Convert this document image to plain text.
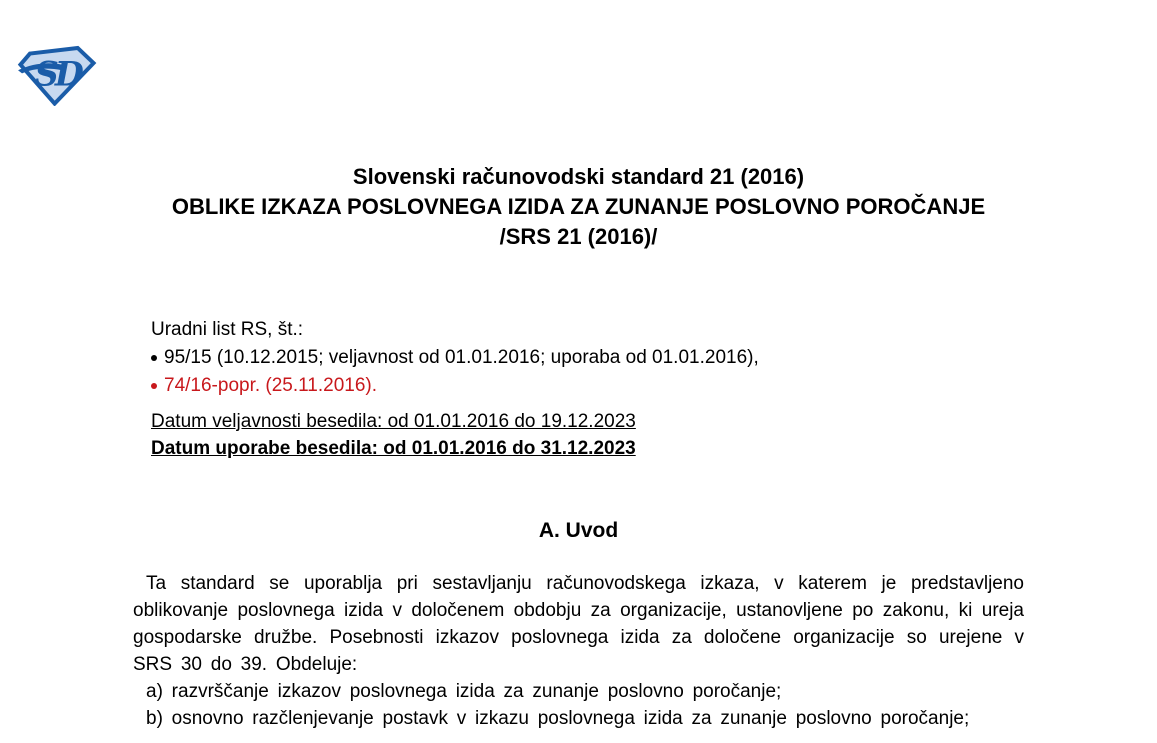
SD
Slovenski računovodski standard 21 (2016)
OBLIKE IZKAZA POSLOVNEGA IZIDA ZA ZUNANJE POSLOVNO POROČANJE
/SRS 21 (2016)/
Uradni list RS, št.:
95/15 (10.12.2015; veljavnost od 01.01.2016; uporaba od 01.01.2016),
74/16-popr. (25.11.2016).
Datum veljavnosti besedila: od 01.01.2016 do 19.12.2023
Datum uporabe besedila: od 01.01.2016 do 31.12.2023
A. Uvod

Ta standard se uporablja pri sestavljanju računovodskega izkaza, v katerem je predstavljeno oblikovanje poslovnega izida v določenem obdobju za organizacije, ustanovljene po zakonu, ki ureja gospodarske družbe. Posebnosti izkazov poslovnega izida za določene organizacije so urejene v SRS 30 do 39. Obdeluje:

a) razvrščanje izkazov poslovnega izida za zunanje poslovno poročanje;

b) osnovno razčlenjevanje postavk v izkazu poslovnega izida za zunanje poslovno poročanje;
